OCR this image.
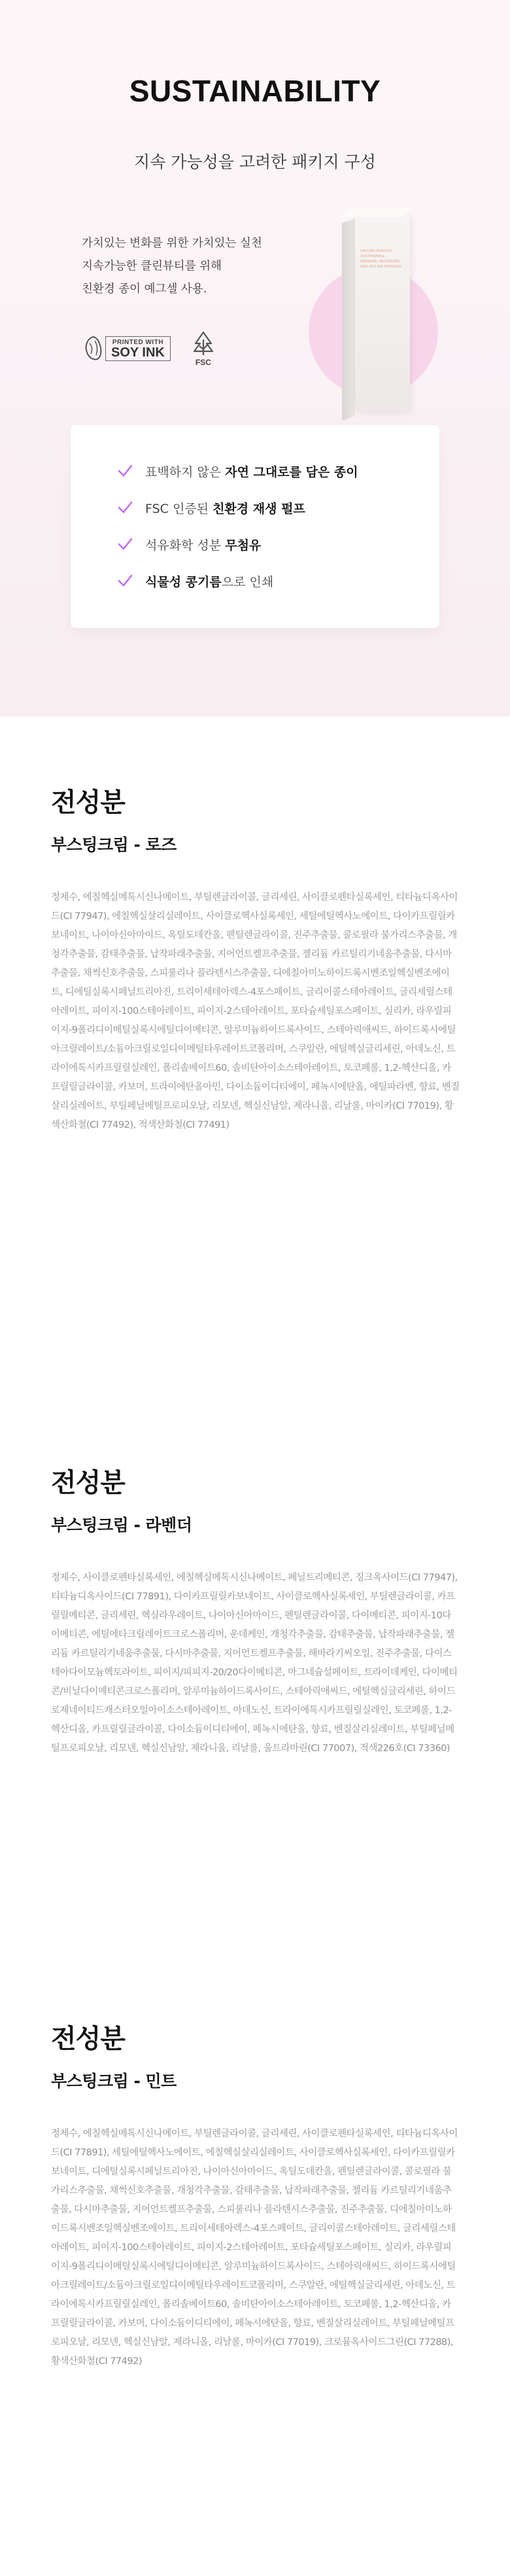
SUSTAINABILITY

지속 가능성을 고려한 패키지 구성

가치있는 변화를 위한 가치있는 실천
지속가능한 클린뷰티를 위해
친환경 종이 예그셀 사용.
PRINTED WITH
SOY INK
FSC
NATURE-DERIVED SUSTAINABLE
MATERIAL PACKAGING
AND SOY INK PRINTING
표백하지 않은 자연 그대로를 담은 종이
FSC 인증된 친환경 재생 펄프
석유화학 성분 무첨유
식물성 콩기름으로 인쇄
전성분
부스팅크림 - 로즈

정제수, 에칠헥실메톡시신나메이트, 부틸렌글라이콜, 글리세린, 사이클로펜타실록세인, 티타늄디옥사이드(CI 77947), 에칠헥실살리실레이트, 사이클로헥사실록세인, 세틸에틸헥사노에이트, 다이카프릴릴카보네이트, 나이아신아마이드, 옥틸도데칸올, 펜틸렌글라이콜, 진주추출물, 콜로필라 불가리스추출물, 개청각추출물, 감태추출물, 납작파래추출물, 지어언트켈프추출물, 젤리듐 카르틸리기네움추출물, 다시마추출물, 채썩신호추출물, 스피룰리나 플라텐시스추출물, 디에칠아미노하이드록시벤조일헥실벤조에이트, 디에틸실록시페닐트리아진, 트리이세테아렉스-4포스페이트, 글리이콜스테아레이트, 글리세릴스테아레이트, 피이지-100스테아레이트, 피이지-2스테아레이트, 포타슘세틸포스페이트, 실리카, 라우릴피이지-9폴리디이메틸실록시에틸디이메티콘, 알루미늄하이드록사이드, 스테아릭애씨드, 하이드록시에틸아크릴레이트/소듐아크릴로일디이메틸타우레이트코폴리머, 스쿠알란, 에틸헥실글리세린, 아데노신, 트라이에톡시카프릴릴실레인, 폴리솔베이트60, 솔비탄아이소스테아레이트, 토코페롤, 1,2-헥산디올, 카프릴릴글라이콜, 카보머, 트라이에탄올아민, 다이소듐이디티에이, 페녹시에탄올, 에틸파라벤, 향료, 벤질살리실레이트, 부틸페닐메틸프로피오날, 리모넨, 헥실신남알, 제라니올, 리날롤, 마이카(CI 77019), 황색산화철(CI 77492), 적색산화철(CI 77491)

전성분
부스팅크림 - 라벤더

정제수, 사이클로펜타실록세인, 에칠헥실메톡시신나메이트, 페닐트리메티콘, 징크옥사이드(CI 77947), 티타늄디옥사이드(CI 77891), 다이카프릴릴카보네이트, 사이클로헥사실록세인, 부틸렌글라이콜, 카프릴릴메티콘, 글리세린, 헥실라우레이트, 나이아신아마이드, 펜틸렌글라이콜, 다이메티콘, 피이지-10다이메티콘, 에틸에타크릴레이트크로스폴리머, 운데케인, 개청각추출물, 감태추출물, 납작파래추출물, 젤리듐 카르틸리기네움추출물, 다시마추출물, 지어언트켈프추출물, 해바라기씨오일, 진주추출물, 다이스테아다이모늄헥토라이트, 피이지/피피지-20/20다이메티콘, 마그네슘설페이트, 트라이데케인, 다이메티콘/비닐다이메티콘크로스폴리머, 알루미늄하이드록사이드, 스테아릭애씨드, 에틸헥실글리세린, 하이드로제네이티드캐스터오일아이소스테아레이트, 아데노신, 트라이에톡시카프릴릴실레인, 토코페롤, 1,2-헥산디올, 카프릴릴글라이콜, 다이소듐이디티에이, 페녹시에탄올, 향료, 벤질살리실레이트, 부틸페닐메틸프로피오날, 리모넨, 헥실신남알, 제라니올, 리날롤, 울트라마린(CI 77007), 적색226호(CI 73360)

전성분
부스팅크림 - 민트

정제수, 에칠헥실메톡시신나메이트, 부틸렌글라이콜, 글리세린, 사이클로펜타실록세인, 티타늄디옥사이드(CI 77891), 세틸에틸헥사노에이트, 에칠헥실살리실레이트, 사이클로헥사실록세인, 다이카프릴릴카보네이트, 디에틸실록시페닐트리아진, 나이아신아마이드, 옥틸도데칸올, 펜틸렌글라이콜, 콜로필라 불가리스추출물, 채썩신호추출물, 개청각추출물, 감태추출물, 납작파래추출물, 젤리듐 카르틸리기네움추출물, 다시마추출물, 지어언트켈프추출물, 스피룰리나 플라텐시스추출물, 진주추출물, 디에칠아미노하이드록시벤조일헥실벤조에이트, 트리이세테아렉스-4포스페이트, 글리이콜스테아레이트, 글리세릴스테아레이트, 피이지-100스테아레이트, 피이지-2스테아레이트, 포타슘세틸포스페이트, 실리카, 라우릴피이지-9폴리디이메틸실록시에틸디이메티콘, 알루미늄하이드록사이드, 스테아릭애씨드, 하이드록시에틸아크릴레이트/소듐아크릴로일디이메틸타우레이트코폴리머, 스쿠알란, 에틸헥실글리세린, 아데노신, 트라이에톡시카프릴릴실레인, 폴리솔베이트60, 솔비탄아이소스테아레이트, 토코페롤, 1,2-헥산디올, 카프릴릴글라이콜, 카보머, 다이소듐이디티에이, 페녹시에탄올, 향료, 벤질살리실레이트, 부틸페닐메틸프로피오날, 리모넨, 헥실신남알, 제라니올, 리날롤, 마이카(CI 77019), 크로뮴옥사이드그린(CI 77288), 황색산화철(CI 77492)
